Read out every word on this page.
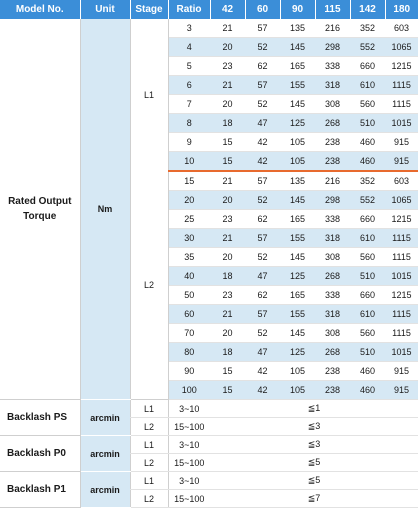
Model No.	Unit	Stage	Ratio	42	60	90	115	142	180
Rated Output Torque	Nm	L1	3	21	57	135	216	352	603
			4	20	52	145	298	552	1065
			5	23	62	165	338	660	1215
			6	21	57	155	318	610	1115
			7	20	52	145	308	560	1115
			8	18	47	125	268	510	1015
			9	15	42	105	238	460	915
			10	15	42	105	238	460	915
		L2	15	21	57	135	216	352	603
			20	20	52	145	298	552	1065
			25	23	62	165	338	660	1215
			30	21	57	155	318	610	1115
			35	20	52	145	308	560	1115
			40	18	47	125	268	510	1015
			50	23	62	165	338	660	1215
			60	21	57	155	318	610	1115
			70	20	52	145	308	560	1115
			80	18	47	125	268	510	1015
			90	15	42	105	238	460	915
			100	15	42	105	238	460	915
Backlash PS	arcmin	L1	3~10	≦1					
		L2	15~100	≦3					
Backlash P0	arcmin	L1	3~10	≦3					
		L2	15~100	≦5					
Backlash P1	arcmin	L1	3~10	≦5					
		L2	15~100	≦7					
